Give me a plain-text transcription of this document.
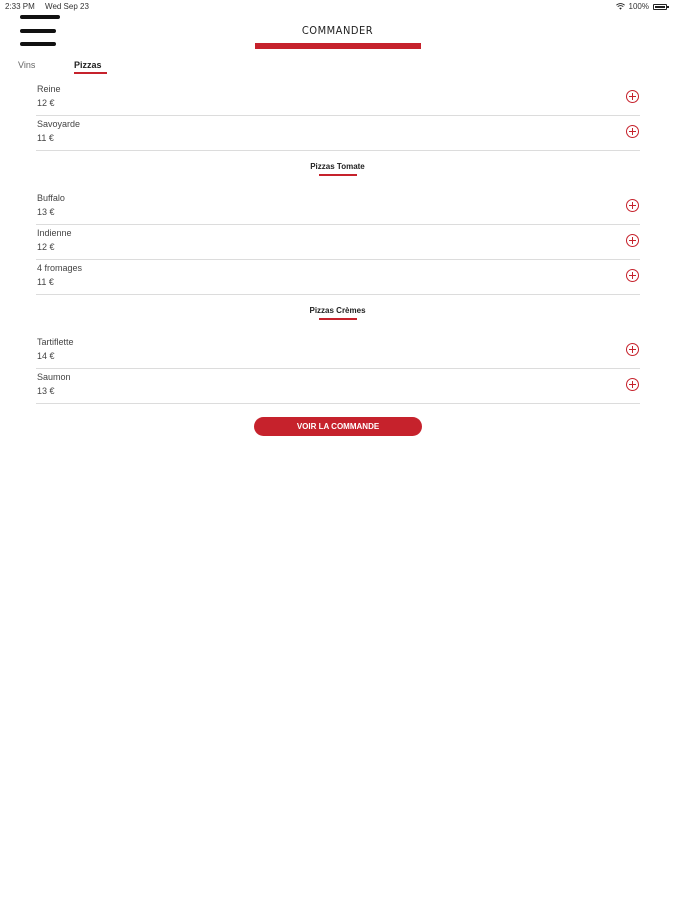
2:33 PM Wed Sep 23	100%
COMMANDER
Vins	Pizzas
Reine
12 €
Savoyarde
11 €
Pizzas Tomate
Buffalo
13 €
Indienne
12 €
4 fromages
11 €
Pizzas Crèmes
Tartiflette
14 €
Saumon
13 €
VOIR LA COMMANDE
